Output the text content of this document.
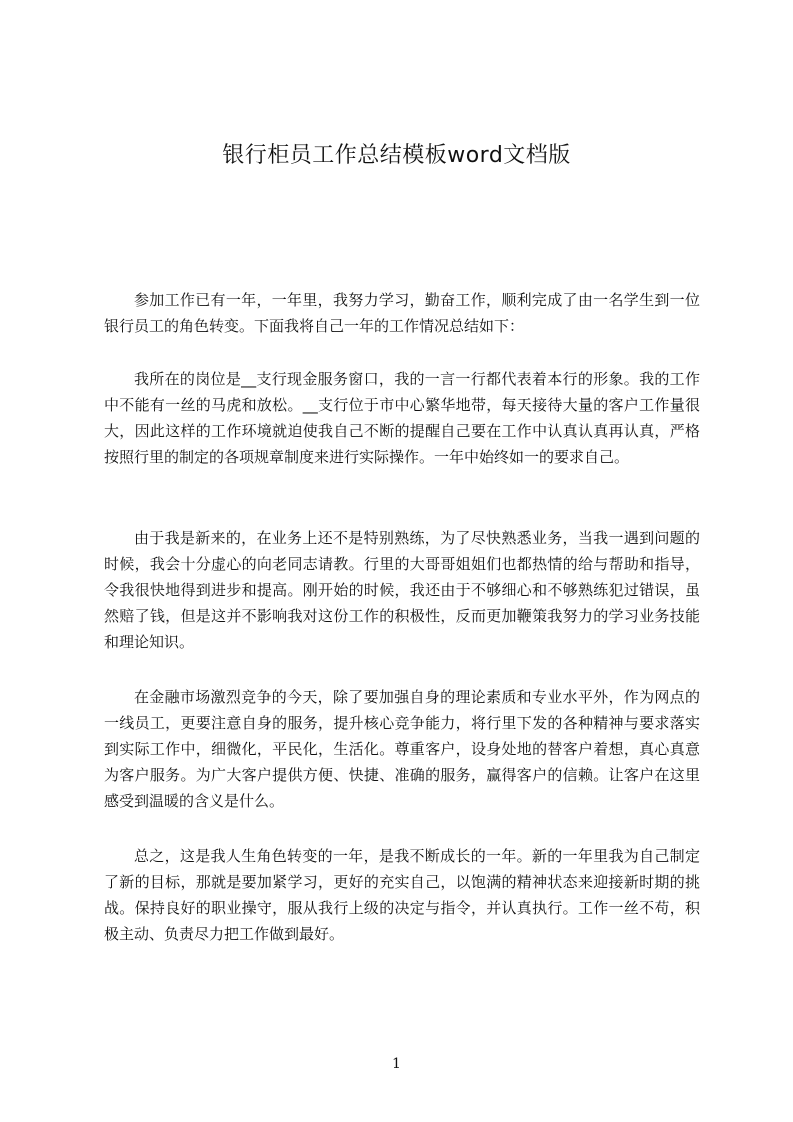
银行柜员工作总结模板word文档版

参加工作已有一年，一年里，我努力学习，勤奋工作，顺利完成了由一名学生到一位银行员工的角色转变。下面我将自己一年的工作情况总结如下：

我所在的岗位是__支行现金服务窗口，我的一言一行都代表着本行的形象。我的工作中不能有一丝的马虎和放松。__支行位于市中心繁华地带，每天接待大量的客户工作量很大，因此这样的工作环境就迫使我自己不断的提醒自己要在工作中认真认真再认真，严格按照行里的制定的各项规章制度来进行实际操作。一年中始终如一的要求自己。

由于我是新来的，在业务上还不是特别熟练，为了尽快熟悉业务，当我一遇到问题的时候，我会十分虚心的向老同志请教。行里的大哥哥姐姐们也都热情的给与帮助和指导，令我很快地得到进步和提高。刚开始的时候，我还由于不够细心和不够熟练犯过错误，虽然赔了钱，但是这并不影响我对这份工作的积极性，反而更加鞭策我努力的学习业务技能和理论知识。

在金融市场激烈竞争的今天，除了要加强自身的理论素质和专业水平外，作为网点的一线员工，更要注意自身的服务，提升核心竞争能力，将行里下发的各种精神与要求落实到实际工作中，细微化，平民化，生活化。尊重客户，设身处地的替客户着想，真心真意为客户服务。为广大客户提供方便、快捷、准确的服务，赢得客户的信赖。让客户在这里感受到温暖的含义是什么。

总之，这是我人生角色转变的一年，是我不断成长的一年。新的一年里我为自己制定了新的目标，那就是要加紧学习，更好的充实自己，以饱满的精神状态来迎接新时期的挑战。保持良好的职业操守，服从我行上级的决定与指令，并认真执行。工作一丝不苟，积极主动、负责尽力把工作做到最好。

1
